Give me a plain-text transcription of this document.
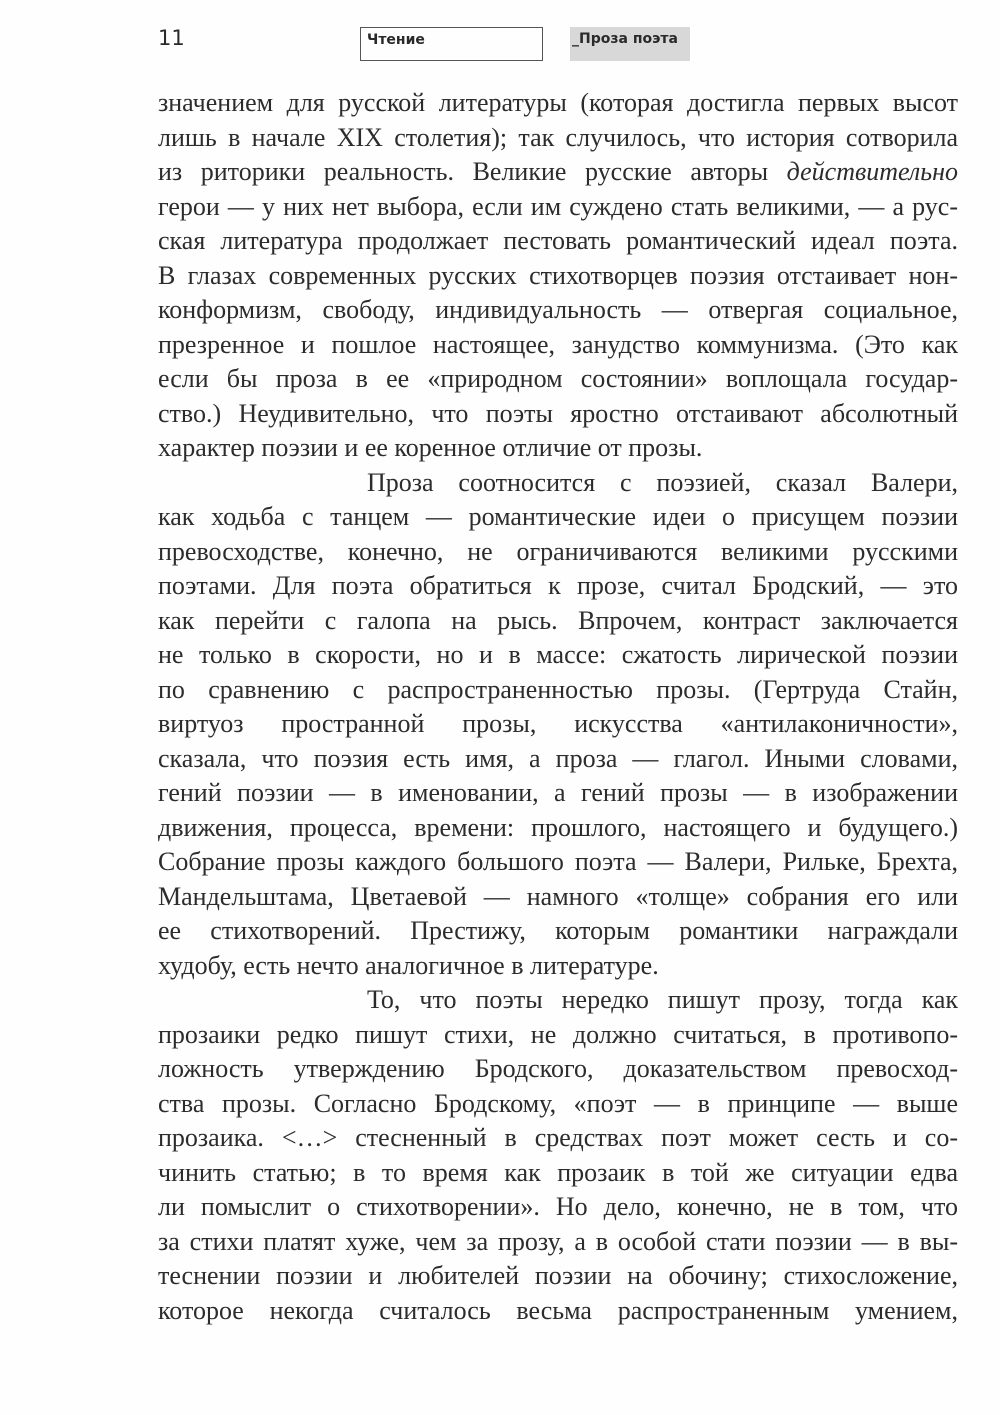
11	Чтение	_Проза поэта
значением для русской литературы (которая достигла первых высот
лишь в начале XIX столетия); так случилось, что история сотворила
из риторики реальность. Великие русские авторы действительно
герои — у них нет выбора, если им суждено стать великими, — а рус-
ская литература продолжает пестовать романтический идеал поэта.
В глазах современных русских стихотворцев поэзия отстаивает нон-
конформизм, свободу, индивидуальность — отвергая социальное,
презренное и пошлое настоящее, занудство коммунизма. (Это как
если бы проза в ее «природном состоянии» воплощала государ-
ство.) Неудивительно, что поэты яростно отстаивают абсолютный
характер поэзии и ее коренное отличие от прозы.
Проза соотносится с поэзией, сказал Валери,
как ходьба с танцем — романтические идеи о присущем поэзии
превосходстве, конечно, не ограничиваются великими русскими
поэтами. Для поэта обратиться к прозе, считал Бродский, — это
как перейти с галопа на рысь. Впрочем, контраст заключается
не только в скорости, но и в массе: сжатость лирической поэзии
по сравнению с распространенностью прозы. (Гертруда Стайн,
виртуоз пространной прозы, искусства «антилаконичности»,
сказала, что поэзия есть имя, а проза — глагол. Иными словами,
гений поэзии — в именовании, а гений прозы — в изображении
движения, процесса, времени: прошлого, настоящего и будущего.)
Собрание прозы каждого большого поэта — Валери, Рильке, Брехта,
Мандельштама, Цветаевой — намного «толще» собрания его или
ее стихотворений. Престижу, которым романтики награждали
худобу, есть нечто аналогичное в литературе.
То, что поэты нередко пишут прозу, тогда как
прозаики редко пишут стихи, не должно считаться, в противопо-
ложность утверждению Бродского, доказательством превосход-
ства прозы. Согласно Бродскому, «поэт — в принципе — выше
прозаика. <…> стесненный в средствах поэт может сесть и со-
чинить статью; в то время как прозаик в той же ситуации едва
ли помыслит о стихотворении». Но дело, конечно, не в том, что
за стихи платят хуже, чем за прозу, а в особой стати поэзии — в вы-
теснении поэзии и любителей поэзии на обочину; стихосложение,
которое некогда считалось весьма распространенным умением,
